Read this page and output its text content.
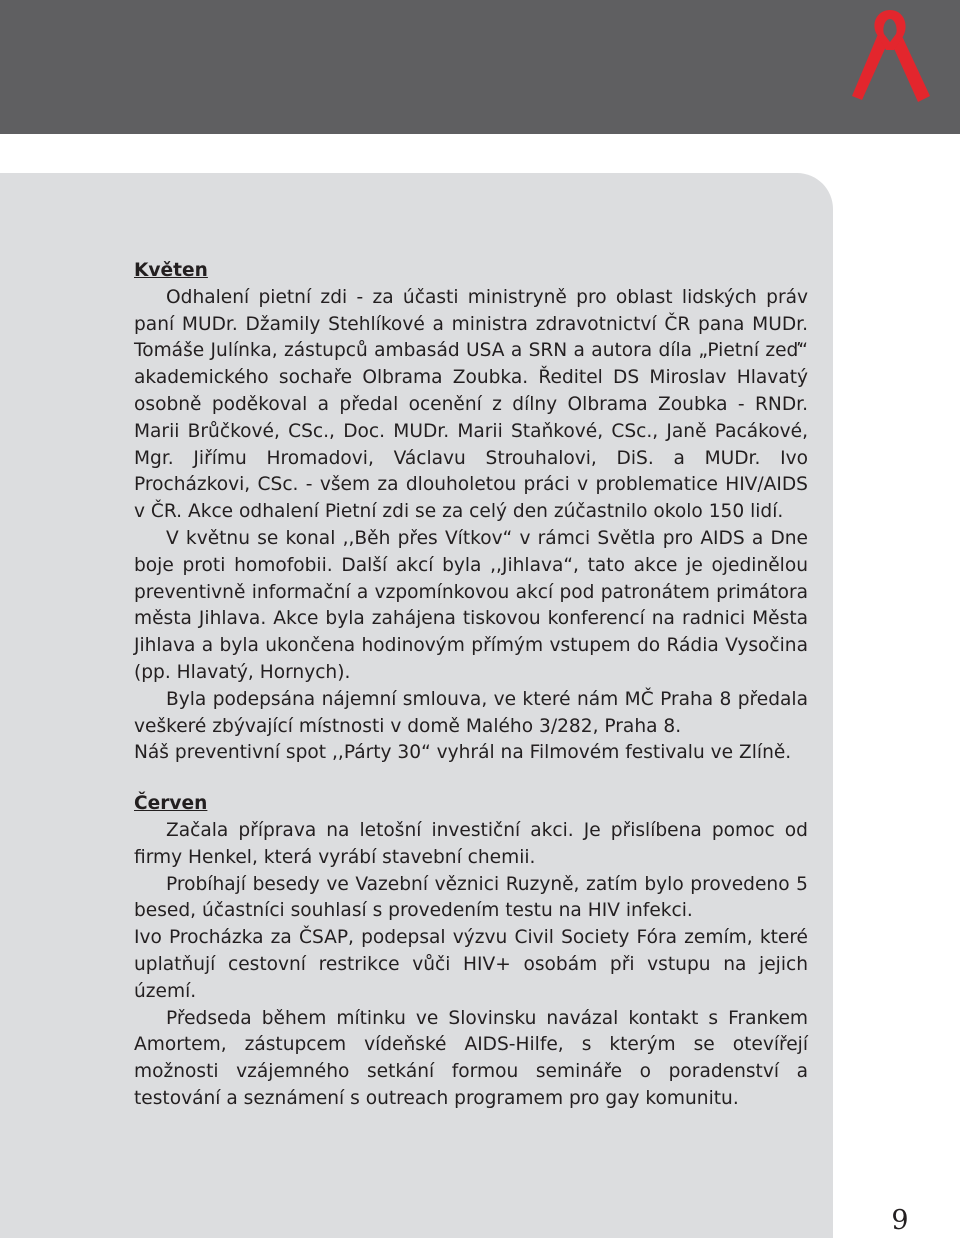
Květen

Odhalení pietní zdi - za účasti ministryně pro oblast lidských práv paní MUDr. Džamily Stehlíkové a ministra zdravotnictví ČR pana MUDr. Tomáše Julínka, zástupců ambasád USA a SRN a autora díla „Pietní zeď“ akademického sochaře Olbrama Zoubka. Ředitel DS Miroslav Hlavatý osobně poděkoval a předal ocenění z dílny Olbrama Zoubka - RNDr. Marii Brůčkové, CSc., Doc. MUDr. Marii Staňkové, CSc., Janě Pacákové, Mgr. Jiřímu Hromadovi, Václavu Strouhalovi, DiS. a MUDr. Ivo Procházkovi, CSc. - všem za dlouholetou práci v problematice HIV/AIDS v ČR. Akce odhalení Pietní zdi se za celý den zúčastnilo okolo 150 lidí.

V květnu se konal ,,Běh přes Vítkov“ v rámci Světla pro AIDS a Dne boje proti homofobii. Další akcí byla ,,Jihlava“, tato akce je ojedinělou preventivně informační a vzpomínkovou akcí pod patronátem primátora města Jihlava. Akce byla zahájena tiskovou konferencí na radnici Města Jihlava a byla ukončena hodinovým přímým vstupem do Rádia Vysočina (pp. Hlavatý, Hornych).

Byla podepsána nájemní smlouva, ve které nám MČ Praha 8 předala veškeré zbývající místnosti v domě Malého 3/282, Praha 8.

Náš preventivní spot ,,Párty 30“ vyhrál na Filmovém festivalu ve Zlíně.

Červen

Začala příprava na letošní investiční akci. Je přislíbena pomoc od firmy Henkel, která vyrábí stavební chemii.

Probíhají besedy ve Vazební věznici Ruzyně, zatím bylo provedeno 5 besed, účastníci souhlasí s provedením testu na HIV infekci.

Ivo Procházka za ČSAP, podepsal výzvu Civil Society Fóra zemím, které uplatňují cestovní restrikce vůči HIV+ osobám při vstupu na jejich území.

Předseda během mítinku ve Slovinsku navázal kontakt s Frankem Amortem, zástupcem vídeňské AIDS-Hilfe, s kterým se otevířejí možnosti vzájemného setkání formou semináře o poradenství a testování a seznámení s outreach programem pro gay komunitu.

9
